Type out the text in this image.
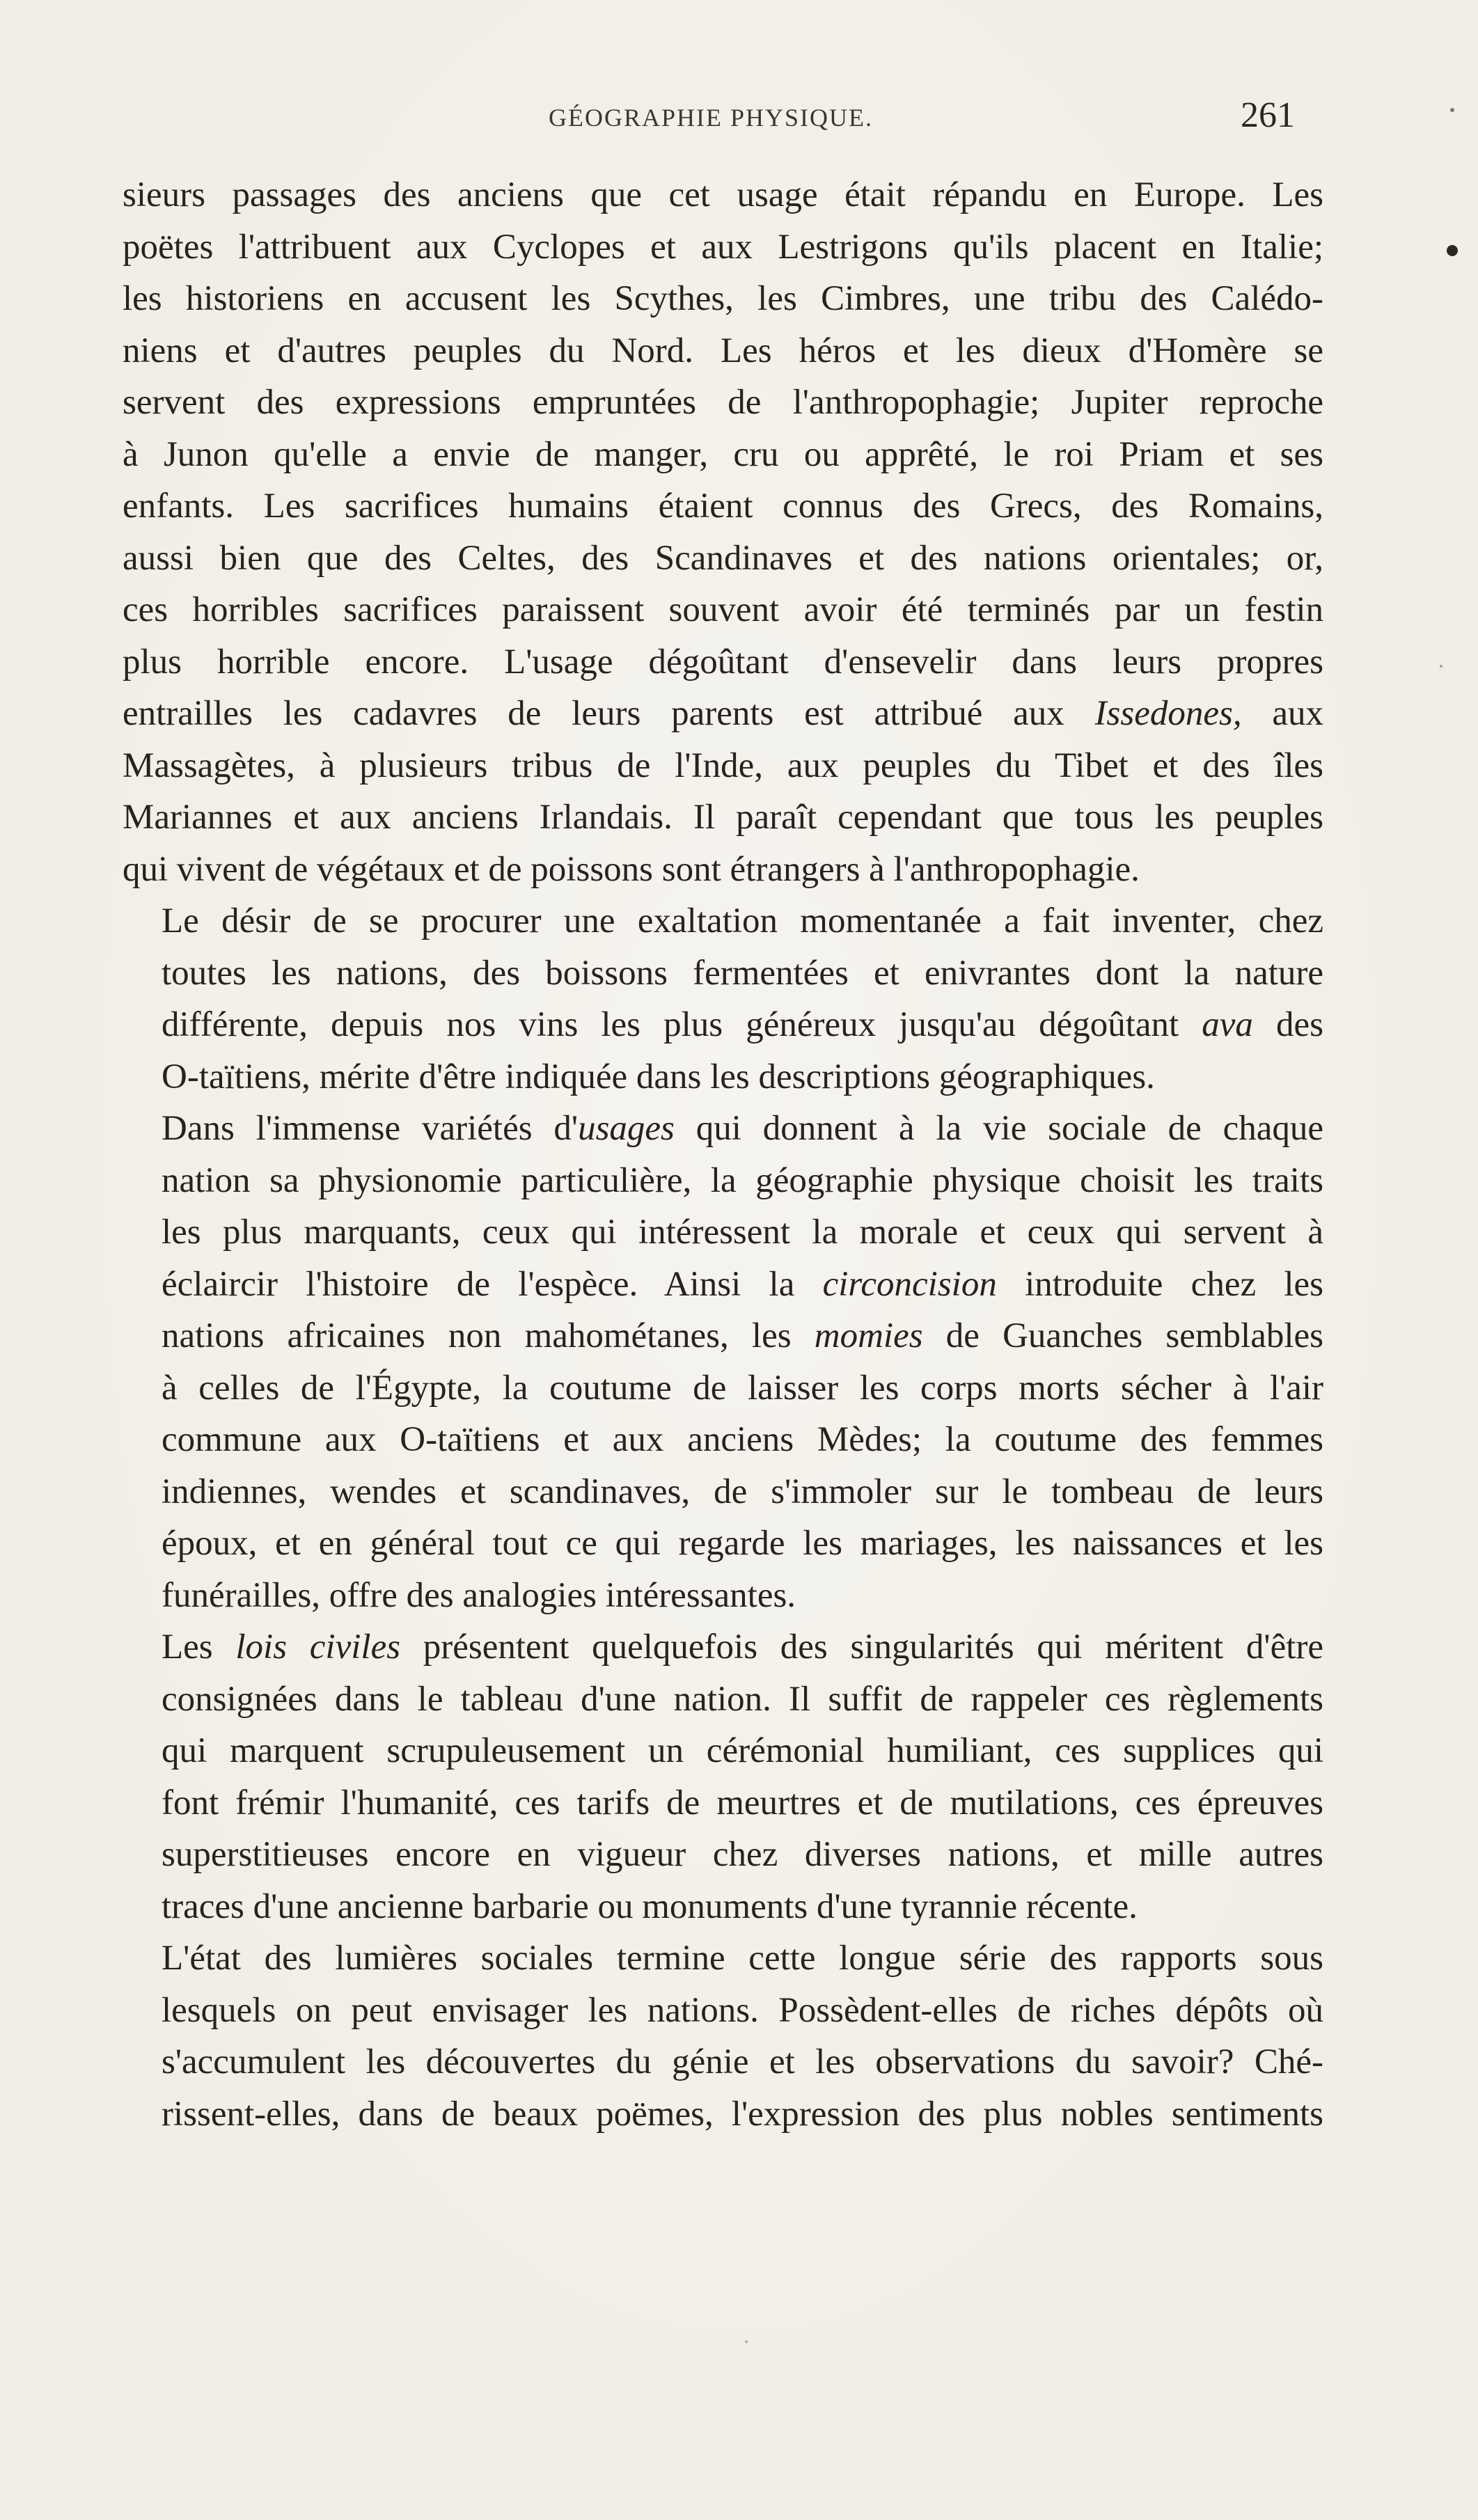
GÉOGRAPHIE PHYSIQUE.	261

sieurs passages des anciens que cet usage était répandu en Europe. Les
poëtes l'attribuent aux Cyclopes et aux Lestrigons qu'ils placent en Italie;
les historiens en accusent les Scythes, les Cimbres, une tribu des Calédo-
niens et d'autres peuples du Nord. Les héros et les dieux d'Homère se
servent des expressions empruntées de l'anthropophagie; Jupiter reproche
à Junon qu'elle a envie de manger, cru ou apprêté, le roi Priam et ses
enfants. Les sacrifices humains étaient connus des Grecs, des Romains,
aussi bien que des Celtes, des Scandinaves et des nations orientales; or,
ces horribles sacrifices paraissent souvent avoir été terminés par un festin
plus horrible encore. L'usage dégoûtant d'ensevelir dans leurs propres
entrailles les cadavres de leurs parents est attribué aux Issedones, aux
Massagètes, à plusieurs tribus de l'Inde, aux peuples du Tibet et des îles
Mariannes et aux anciens Irlandais. Il paraît cependant que tous les peuples
qui vivent de végétaux et de poissons sont étrangers à l'anthropophagie.

Le désir de se procurer une exaltation momentanée a fait inventer, chez
toutes les nations, des boissons fermentées et enivrantes dont la nature
différente, depuis nos vins les plus généreux jusqu'au dégoûtant ava des
O-taïtiens, mérite d'être indiquée dans les descriptions géographiques.

Dans l'immense variétés d'usages qui donnent à la vie sociale de chaque
nation sa physionomie particulière, la géographie physique choisit les traits
les plus marquants, ceux qui intéressent la morale et ceux qui servent à
éclaircir l'histoire de l'espèce. Ainsi la circoncision introduite chez les
nations africaines non mahométanes, les momies de Guanches semblables
à celles de l'Égypte, la coutume de laisser les corps morts sécher à l'air
commune aux O-taïtiens et aux anciens Mèdes; la coutume des femmes
indiennes, wendes et scandinaves, de s'immoler sur le tombeau de leurs
époux, et en général tout ce qui regarde les mariages, les naissances et les
funérailles, offre des analogies intéressantes.

Les lois civiles présentent quelquefois des singularités qui méritent d'être
consignées dans le tableau d'une nation. Il suffit de rappeler ces règlements
qui marquent scrupuleusement un cérémonial humiliant, ces supplices qui
font frémir l'humanité, ces tarifs de meurtres et de mutilations, ces épreuves
superstitieuses encore en vigueur chez diverses nations, et mille autres
traces d'une ancienne barbarie ou monuments d'une tyrannie récente.

L'état des lumières sociales termine cette longue série des rapports sous
lesquels on peut envisager les nations. Possèdent-elles de riches dépôts où
s'accumulent les découvertes du génie et les observations du savoir? Ché-
rissent-elles, dans de beaux poëmes, l'expression des plus nobles sentiments
